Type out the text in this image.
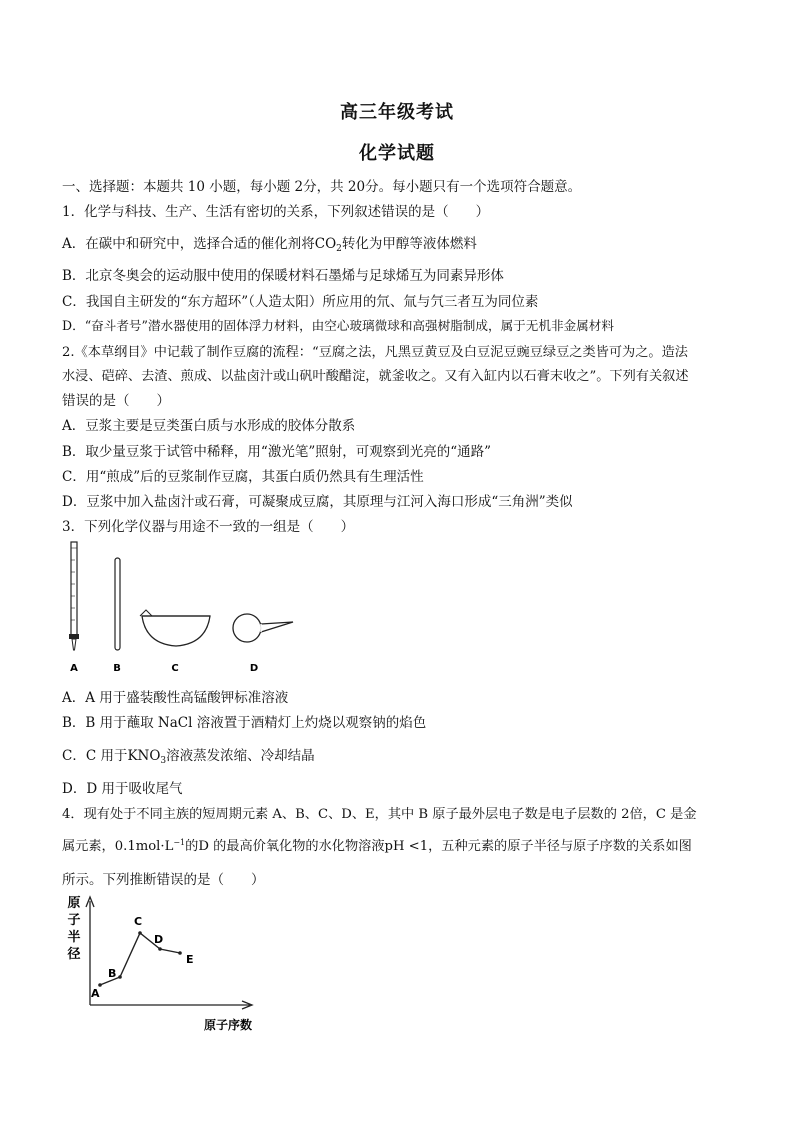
高三年级考试
化学试题
一、选择题：本题共 10 小题，每小题 2分，共 20分。每小题只有一个选项符合题意。
1．化学与科技、生产、生活有密切的关系，下列叙述错误的是（　　）
A．在碳中和研究中，选择合适的催化剂将$CO_2$转化为甲醇等液体燃料
B．北京冬奥会的运动服中使用的保暖材料石墨烯与足球烯互为同素异形体
C．我国自主研发的“东方超环”（人造太阳）所应用的氘、氚与氕三者互为同位素
D．“奋斗者号”潜水器使用的固体浮力材料，由空心玻璃微球和高强树脂制成，属于无机非金属材料
2.《本草纲目》中记载了制作豆腐的流程：“豆腐之法，凡黑豆黄豆及白豆泥豆豌豆绿豆之类皆可为之。造法
水浸、硙碎、去渣、煎成、以盐卤汁或山矾叶酸醋淀，就釜收之。又有入缸内以石膏末收之”。下列有关叙述
错误的是（　　）
A．豆浆主要是豆类蛋白质与水形成的胶体分散系
B．取少量豆浆于试管中稀释，用“激光笔”照射，可观察到光亮的“通路”
C．用“煎成”后的豆浆制作豆腐，其蛋白质仍然具有生理活性
D．豆浆中加入盐卤汁或石膏，可凝聚成豆腐，其原理与江河入海口形成“三角洲”类似
3．下列化学仪器与用途不一致的一组是（　　）
A	B	C	D
A．A 用于盛装酸性高锰酸钾标准溶液
B．B 用于蘸取 NaCl 溶液置于酒精灯上灼烧以观察钠的焰色
C．C 用于$KNO_3$溶液蒸发浓缩、冷却结晶
D．D 用于吸收尾气
4．现有处于不同主族的短周期元素 A、B、C、D、E，其中 B 原子最外层电子数是电子层数的 2倍，C 是金
属元素，$0.1mol\cdot L^{-1}$的D 的最高价氧化物的水化物溶液pH <1，五种元素的原子半径与原子序数的关系如图
所示。下列推断错误的是（　　）
原
子
半
径
原子序数
A
B
C
D
E
